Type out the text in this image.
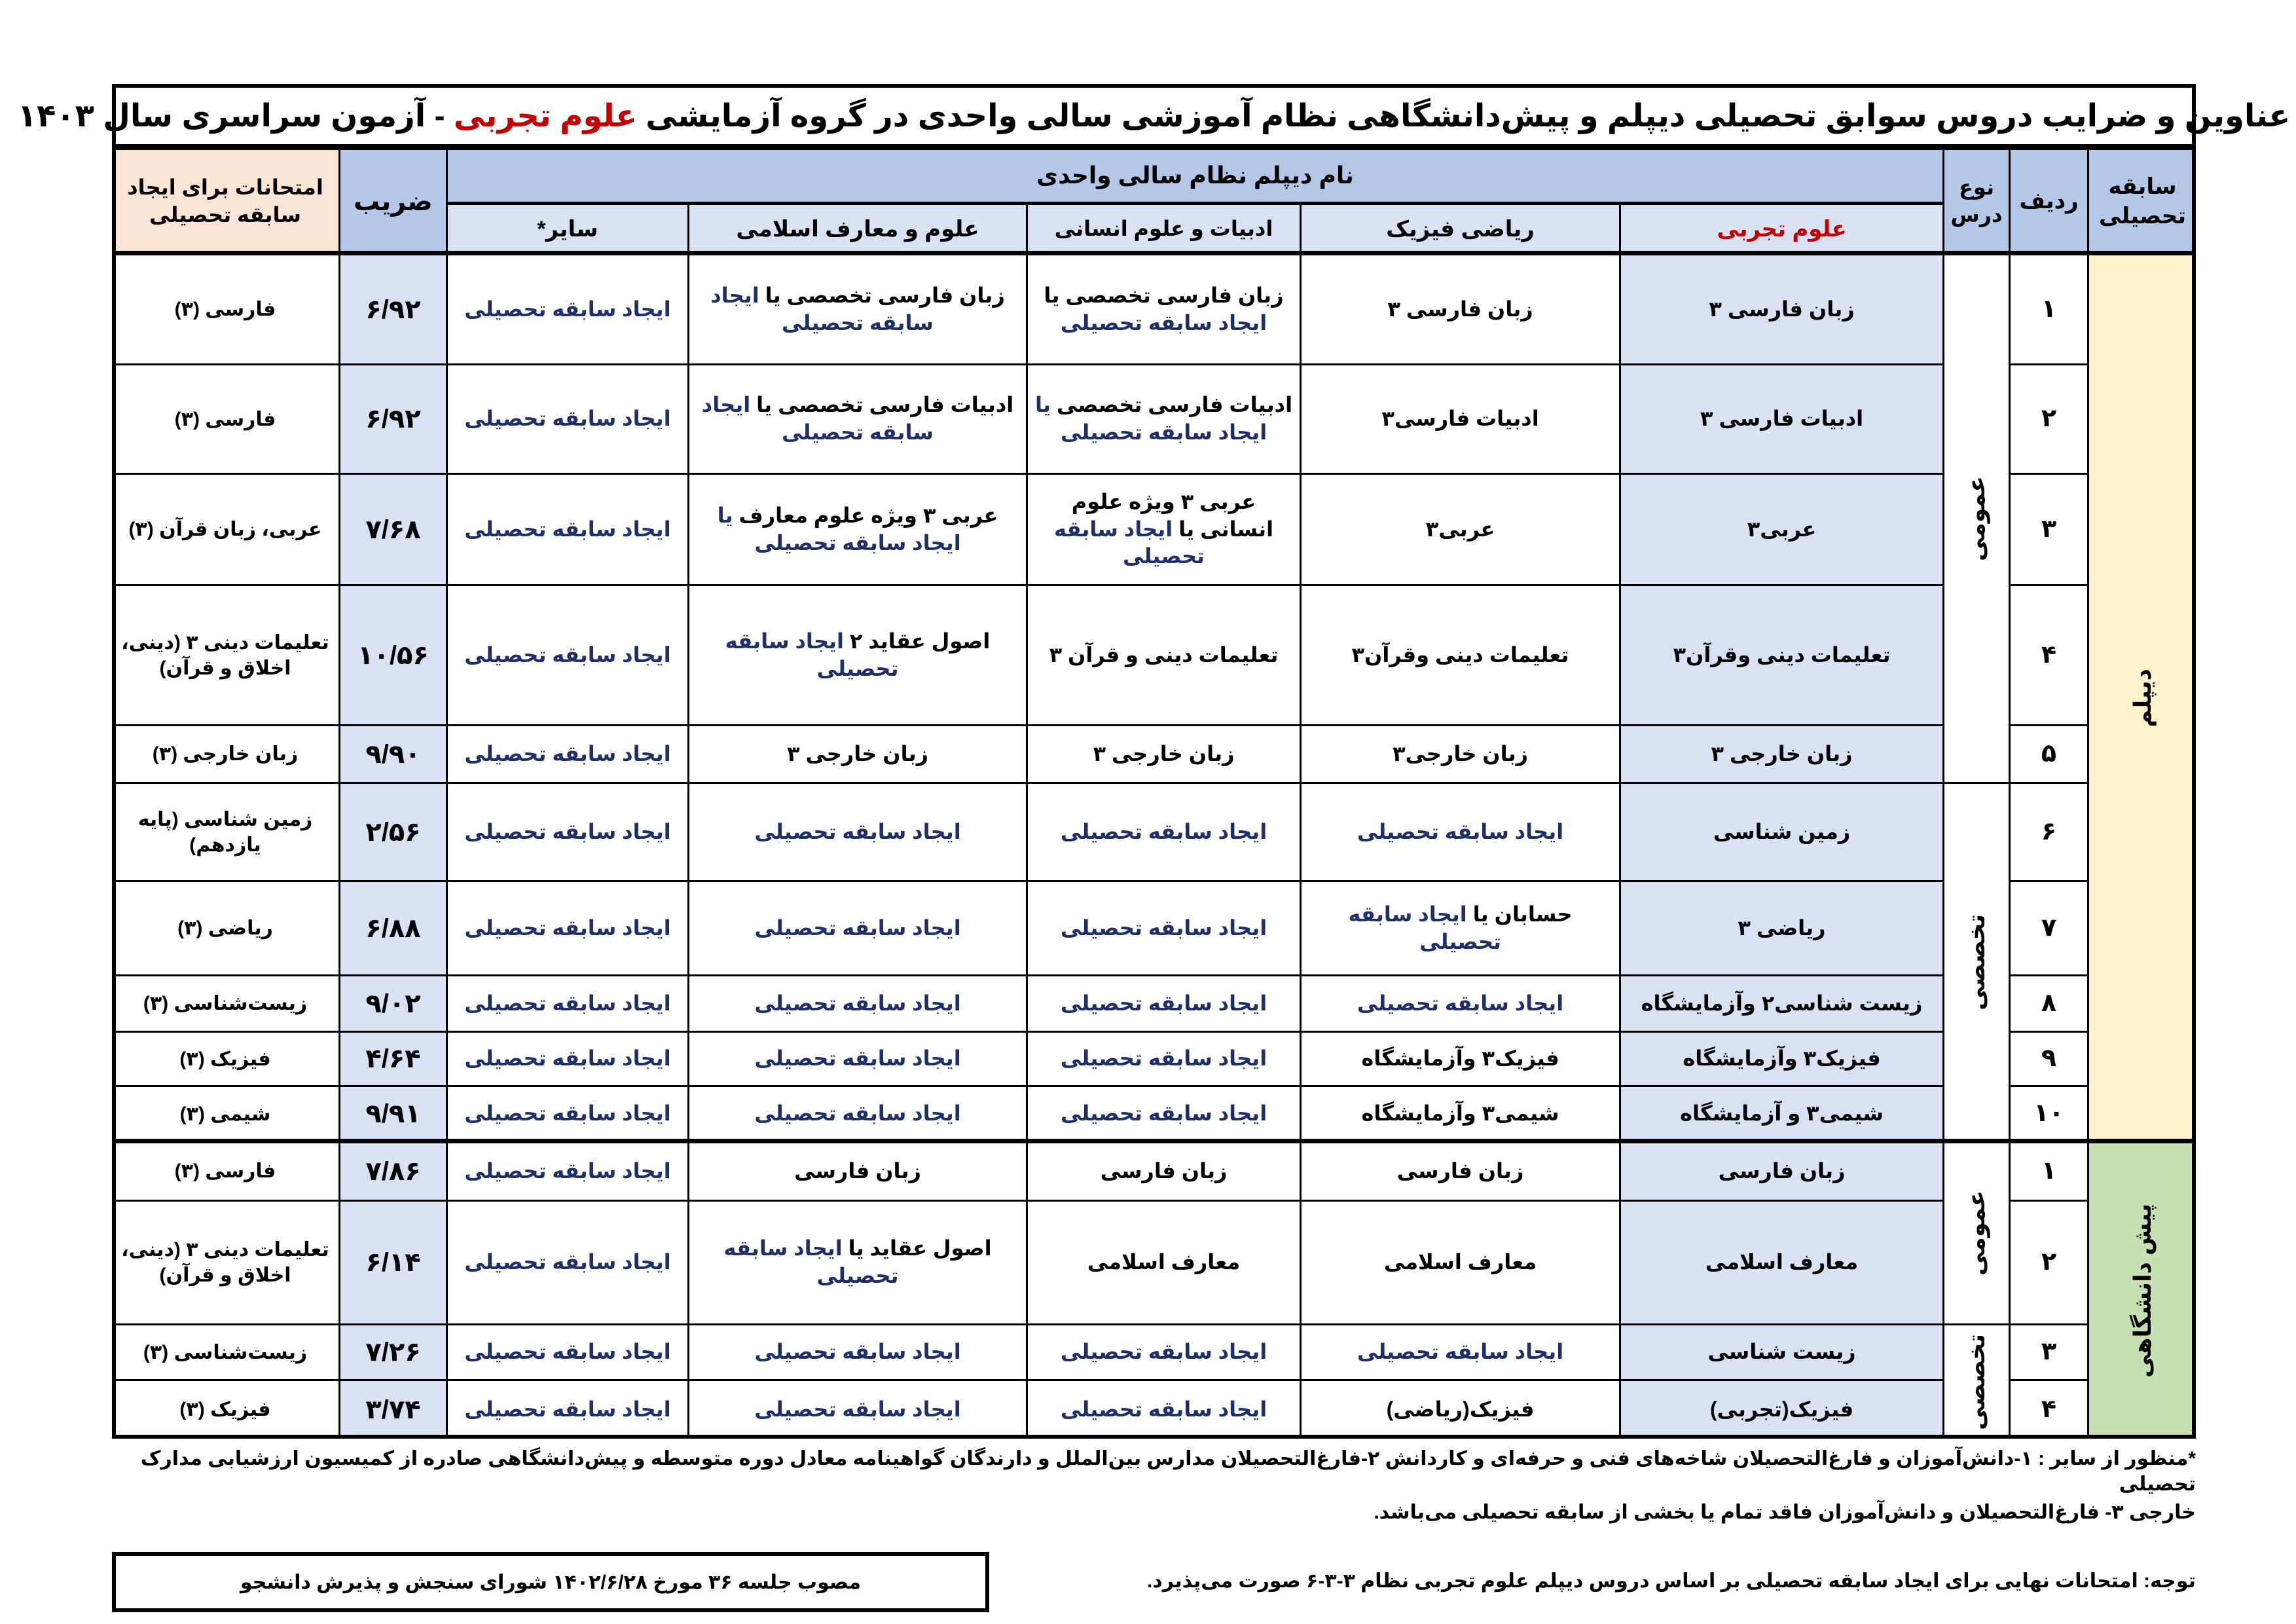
عناوین و ضرایب دروس سوابق تحصیلی دیپلم و پیش‌دانشگاهی نظام آموزشی سالی واحدی در گروه آزمایشی

علوم تجربی

- آزمون سراسری سال ۱۴۰۳
سابقه تحصیلی
ردیف
نوع درس
نام دیپلم نظام سالی واحدی
علوم تجربی
ریاضی فیزیک
ادبیات و علوم انسانی
علوم و معارف اسلامی
سایر*
ضریب
امتحانات برای ایجاد سابقه تحصیلی
دیپلم
عمومی
تخصصی
۱
زبان فارسی ۳
زبان فارسی ۳
زبان فارسی تخصصی یا ایجاد سابقه تحصیلی
زبان فارسی تخصصی یا ایجاد سابقه تحصیلی
ایجاد سابقه تحصیلی
۶/۹۲
فارسی (۳)
۲
ادبیات فارسی ۳
ادبیات فارسی۳
ادبیات فارسی تخصصی یا ایجاد سابقه تحصیلی
ادبیات فارسی تخصصی یا ایجاد سابقه تحصیلی
ایجاد سابقه تحصیلی
۶/۹۲
فارسی (۳)
۳
عربی۳
عربی۳
عربی ۳ ویژه علوم انسانی یا ایجاد سابقه تحصیلی
عربی ۳ ویژه علوم معارف یا ایجاد سابقه تحصیلی
ایجاد سابقه تحصیلی
۷/۶۸
عربی، زبان قرآن (۳)
۴
تعلیمات دینی وقرآن۳
تعلیمات دینی وقرآن۳
تعلیمات دینی و قرآن ۳
اصول عقاید ۲ ایجاد سابقه تحصیلی
ایجاد سابقه تحصیلی
۱۰/۵۶
تعلیمات دینی ۳ (دینی، اخلاق و قرآن)
۵
زبان خارجی ۳
زبان خارجی۳
زبان خارجی ۳
زبان خارجی ۳
ایجاد سابقه تحصیلی
۹/۹۰
زبان خارجی (۳)
۶
زمین شناسی
ایجاد سابقه تحصیلی
ایجاد سابقه تحصیلی
ایجاد سابقه تحصیلی
ایجاد سابقه تحصیلی
۲/۵۶
زمین شناسی (پایه یازدهم)
۷
ریاضی ۳
حسابان یا ایجاد سابقه تحصیلی
ایجاد سابقه تحصیلی
ایجاد سابقه تحصیلی
ایجاد سابقه تحصیلی
۶/۸۸
ریاضی (۳)
۸
زیست شناسی۲ وآزمایشگاه
ایجاد سابقه تحصیلی
ایجاد سابقه تحصیلی
ایجاد سابقه تحصیلی
ایجاد سابقه تحصیلی
۹/۰۲
زیست‌شناسی (۳)
۹
فیزیک۳ وآزمایشگاه
فیزیک۳ وآزمایشگاه
ایجاد سابقه تحصیلی
ایجاد سابقه تحصیلی
ایجاد سابقه تحصیلی
۴/۶۴
فیزیک (۳)
۱۰
شیمی۳ و آزمایشگاه
شیمی۳ وآزمایشگاه
ایجاد سابقه تحصیلی
ایجاد سابقه تحصیلی
ایجاد سابقه تحصیلی
۹/۹۱
شیمی (۳)
پیش دانشگاهی
عمومی
تخصصی
۱
زبان فارسی
زبان فارسی
زبان فارسی
زبان فارسی
ایجاد سابقه تحصیلی
۷/۸۶
فارسی (۳)
۲
معارف اسلامی
معارف اسلامی
معارف اسلامی
اصول عقاید یا ایجاد سابقه تحصیلی
ایجاد سابقه تحصیلی
۶/۱۴
تعلیمات دینی ۳ (دینی، اخلاق و قرآن)
۳
زیست شناسی
ایجاد سابقه تحصیلی
ایجاد سابقه تحصیلی
ایجاد سابقه تحصیلی
ایجاد سابقه تحصیلی
۷/۲۶
زیست‌شناسی (۳)
۴
فیزیک(تجربی)
فیزیک(ریاضی)
ایجاد سابقه تحصیلی
ایجاد سابقه تحصیلی
ایجاد سابقه تحصیلی
۳/۷۴
فیزیک (۳)
*منظور از سایر : ۱-دانش‌آموزان و فارغ‌التحصیلان شاخه‌های فنی و حرفه‌ای و کاردانش ۲-فارغ‌التحصیلان مدارس بین‌الملل و دارندگان گواهینامه معادل دوره متوسطه و پیش‌دانشگاهی صادره از کمیسیون ارزشیابی مدارک تحصیلی
خارجی ۳- فارغ‌التحصیلان و دانش‌آموزان فاقد تمام یا بخشی از سابقه تحصیلی می‌باشد.
توجه: امتحانات نهایی برای ایجاد سابقه تحصیلی بر اساس دروس دیپلم علوم تجربی نظام ۳-۳-۶ صورت می‌پذیرد.
مصوب جلسه ۳۶ مورخ ۱۴۰۲/۶/۲۸ شورای سنجش و پذیرش دانشجو
